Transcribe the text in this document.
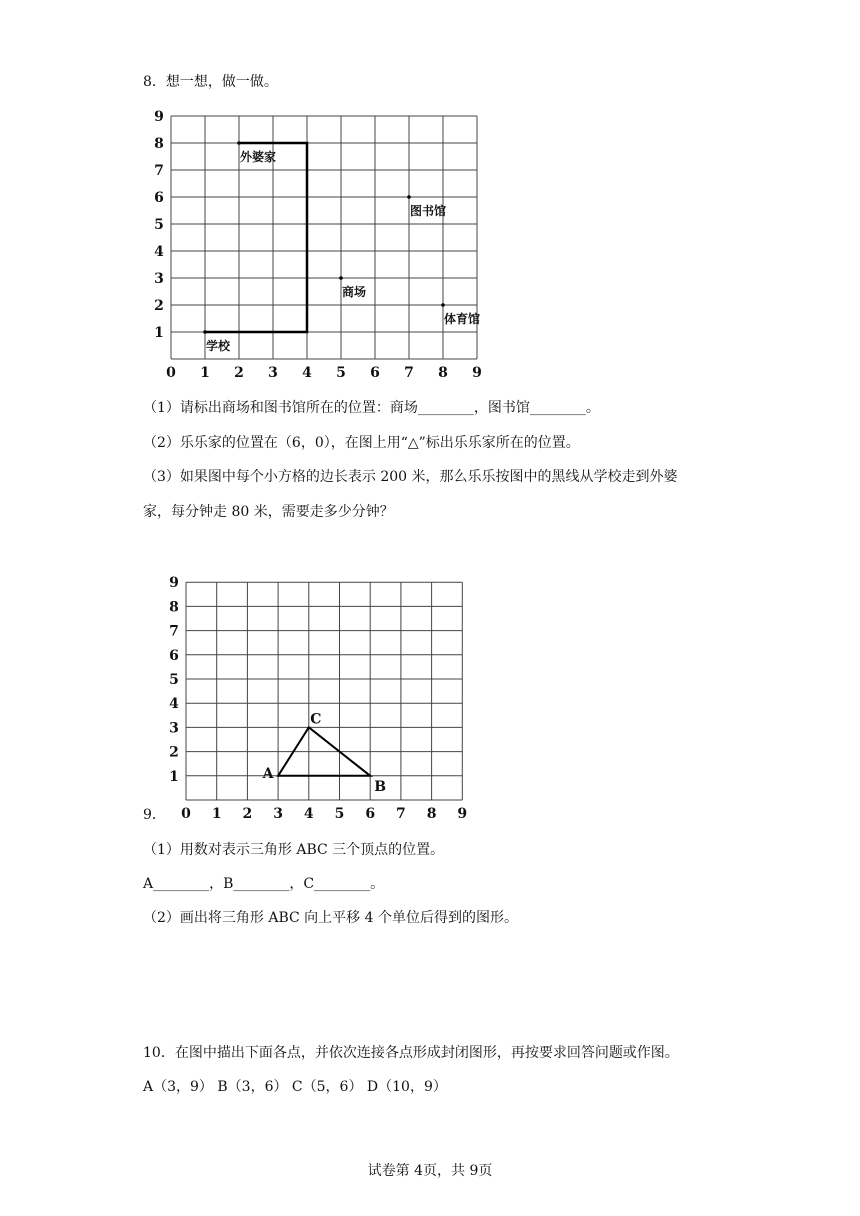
8．想一想，做一做。
0 1 2 3 4 5 6 7 8 9
1
2
3
4
5
6
7
8
9
外婆家
图书馆
商场
体育馆
学校
（1）请标出商场和图书馆所在的位置：商场________，图书馆________。
（2）乐乐家的位置在（6，0），在图上用“△”标出乐乐家所在的位置。
（3）如果图中每个小方格的边长表示 200 米，那么乐乐按图中的黑线从学校走到外婆
家，每分钟走 80 米，需要走多少分钟？
0 1 2 3 4 5 6 7 8 9
1
2
3
4
5
6
7
8
9
A
B
C
9．
（1）用数对表示三角形 ABC 三个顶点的位置。
A________，B________，C________。
（2）画出将三角形 ABC 向上平移 4 个单位后得到的图形。
10．在图中描出下面各点，并依次连接各点形成封闭图形，再按要求回答问题或作图。
A（3，9） B（3，6） C（5，6） D（10，9）
试卷第 4页，共 9页
